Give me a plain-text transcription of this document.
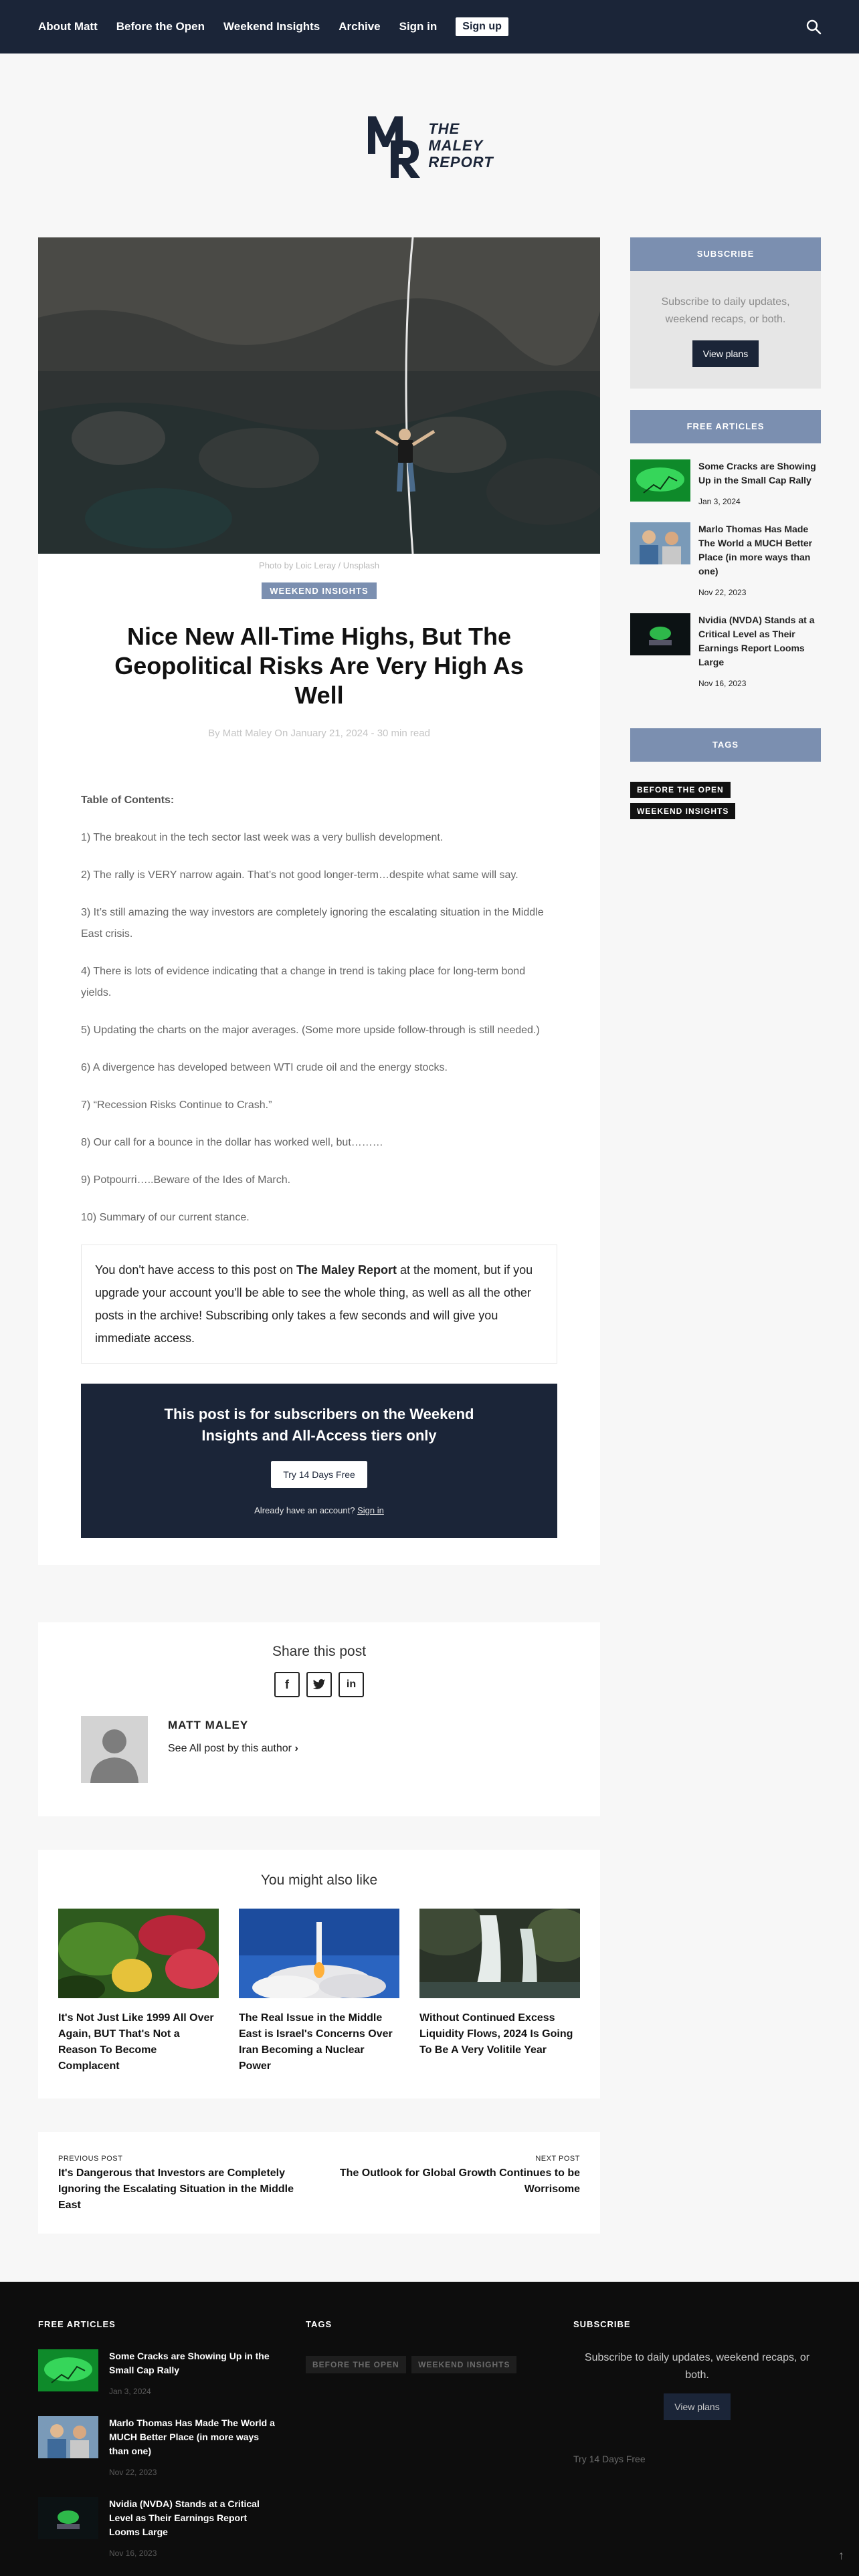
About Matt Before the Open Weekend Insights Archive Sign in	Sign up
THE
MALEY
REPORT
Photo by Loic Leray / Unsplash
WEEKEND INSIGHTS
Nice New All-Time Highs, But The Geopolitical Risks Are Very High As Well
By Matt Maley On January 21, 2024 - 30 min read
Table of Contents:

1) The breakout in the tech sector last week was a very bullish development.

2) The rally is VERY narrow again. That’s not good longer-term…despite what same will say.

3) It’s still amazing the way investors are completely ignoring the escalating situation in the Middle East crisis.

4) There is lots of evidence indicating that a change in trend is taking place for long-term bond yields.

5) Updating the charts on the major averages. (Some more upside follow-through is still needed.)

6) A divergence has developed between WTI crude oil and the energy stocks.

7) “Recession Risks Continue to Crash.”

8) Our call for a bounce in the dollar has worked well, but………

9) Potpourri…..Beware of the Ides of March.

10) Summary of our current stance.

You don't have access to this post on The Maley Report at the moment, but if you upgrade your account you'll be able to see the whole thing, as well as all the other posts in the archive! Subscribing only takes a few seconds and will give you immediate access.
This post is for subscribers on the Weekend Insights and All-Access tiers only
Try 14 Days Free
Already have an account? Sign in
Share this post
f	in
MATT MALEY
See All post by this author ›
You might also like
It's Not Just Like 1999 All Over Again, BUT That's Not a Reason To Become Complacent
The Real Issue in the Middle East is Israel's Concerns Over Iran Becoming a Nuclear Power
Without Continued Excess Liquidity Flows, 2024 Is Going To Be A Very Volitile Year
PREVIOUS POST
It's Dangerous that Investors are Completely Ignoring the Escalating Situation in the Middle East
NEXT POST
The Outlook for Global Growth Continues to be Worrisome
SUBSCRIBE
Subscribe to daily updates, weekend recaps, or both.
View plans
FREE ARTICLES
Some Cracks are Showing Up in the Small Cap Rally
Jan 3, 2024
Marlo Thomas Has Made The World a MUCH Better Place (in more ways than one)
Nov 22, 2023
Nvidia (NVDA) Stands at a Critical Level as Their Earnings Report Looms Large
Nov 16, 2023
TAGS
BEFORE THE OPEN
WEEKEND INSIGHTS
FREE ARTICLES
Some Cracks are Showing Up in the Small Cap Rally
Jan 3, 2024
Marlo Thomas Has Made The World a MUCH Better Place (in more ways than one)
Nov 22, 2023
Nvidia (NVDA) Stands at a Critical Level as Their Earnings Report Looms Large
Nov 16, 2023
TAGS
BEFORE THE OPEN WEEKEND INSIGHTS
SUBSCRIBE
Subscribe to daily updates, weekend recaps, or both.
View plans
Try 14 Days Free
↑
